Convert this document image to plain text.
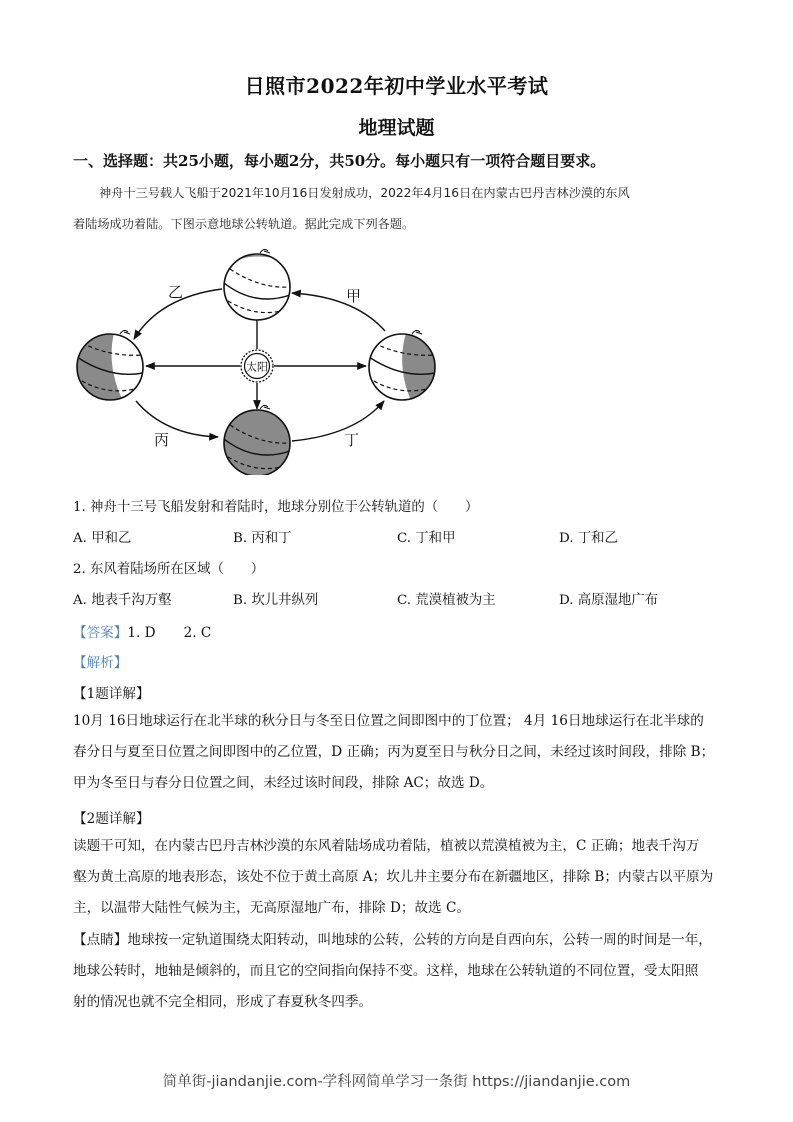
日照市2022年初中学业水平考试
地理试题
一、选择题：共25小题，每小题2分，共50分。每小题只有一项符合题目要求。
神舟十三号载人飞船于2021年10月16日发射成功，2022年4月16日在内蒙古巴丹吉林沙漠的东风
着陆场成功着陆。下图示意地球公转轨道。据此完成下列各题。
太阳
乙	甲
丙	丁
1. 神舟十三号飞船发射和着陆时，地球分别位于公转轨道的（　　）
A. 甲和乙	B. 丙和丁	C. 丁和甲	D. 丁和乙
2. 东风着陆场所在区域（　　）
A. 地表千沟万壑	B. 坎儿井纵列	C. 荒漠植被为主	D. 高原湿地广布
【答案】1. D 2. C
【解析】
【1题详解】
10月 16日地球运行在北半球的秋分日与冬至日位置之间即图中的丁位置； 4月 16日地球运行在北半球的
春分日与夏至日位置之间即图中的乙位置，D 正确；丙为夏至日与秋分日之间，未经过该时间段，排除 B；
甲为冬至日与春分日位置之间，未经过该时间段，排除 AC；故选 D。
【2题详解】
读题干可知，在内蒙古巴丹吉林沙漠的东风着陆场成功着陆，植被以荒漠植被为主，C 正确；地表千沟万
壑为黄土高原的地表形态，该处不位于黄土高原 A；坎儿井主要分布在新疆地区，排除 B；内蒙古以平原为
主，以温带大陆性气候为主，无高原湿地广布，排除 D；故选 C。
【点睛】地球按一定轨道围绕太阳转动，叫地球的公转，公转的方向是自西向东，公转一周的时间是一年，
地球公转时，地轴是倾斜的，而且它的空间指向保持不变。这样，地球在公转轨道的不同位置，受太阳照
射的情况也就不完全相同，形成了春夏秋冬四季。
简单街-jiandanjie.com-学科网简单学习一条街 https://jiandanjie.com
